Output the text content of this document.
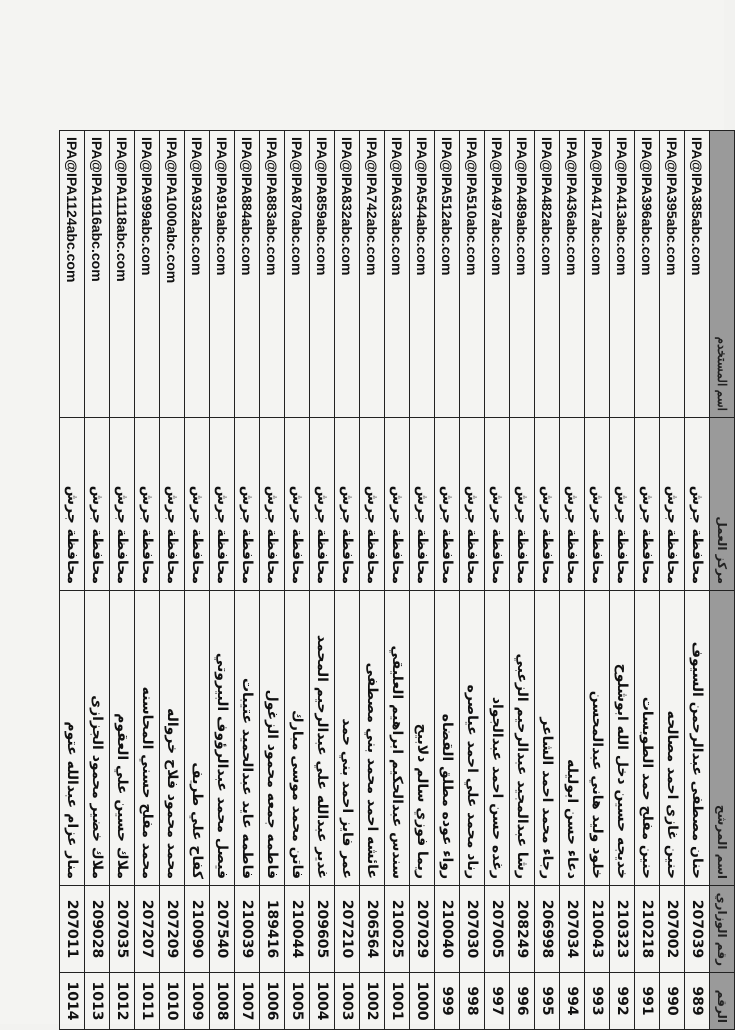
الرقم	رقم الوزاري	اسم المرشح	مركز العمل	اسم المستخدم
989	207039	حنان مصطفى عبدالرحمن السيوف	محافظة جرش	IPA@IPA385abc.com
990	207002	حنين غازى احمد مصالحه	محافظة جرش	IPA@IPA395abc.com
991	210218	حنين مفلح حمد الطويسات	محافظة جرش	IPA@IPA396abc.com
992	210323	خديجه حسين دخل الله ابوشلوح	محافظة جرش	IPA@IPA413abc.com
993	210043	خلود وليد هاني عبدالمحسن	محافظة جرش	IPA@IPA417abc.com
994	207034	دعاء حسن ابوليله	محافظة جرش	IPA@IPA436abc.com
995	206998	رجاء محمد احمد الشاعر	محافظة جرش	IPA@IPA482abc.com
996	208249	رشا عبدالمجيد عبدالرحيم الزعبي	محافظة جرش	IPA@IPA489abc.com
997	207005	رغده حسن احمد عبدالجواد	محافظة جرش	IPA@IPA497abc.com
998	207030	رناد محمد علي احمد عياصره	محافظة جرش	IPA@IPA510abc.com
999	210040	رواء عوده مطلق القضاه	محافظة جرش	IPA@IPA512abc.com
1000	207029	ريما فوزي سالم دلابيح	محافظة جرش	IPA@IPA544abc.com
1001	210025	سندس عبدالحكيم ابراهيم العليقي	محافظة جرش	IPA@IPA633abc.com
1002	206564	عائشه احمد محمد بني مصطفى	محافظة جرش	IPA@IPA742abc.com
1003	207210	عمر فايز احمد بني حمد	محافظة جرش	IPA@IPA832abc.com
1004	209605	غدير عبدالله علي عبدالرحيم المحمد	محافظة جرش	IPA@IPA859abc.com
1005	210044	فاتن محمد موسى مبارك	محافظة جرش	IPA@IPA870abc.com
1006	189416	فاطمه جمعه محمود الزغول	محافظة جرش	IPA@IPA883abc.com
1007	210039	فاطمه عايد عبدالحميد عتيبات	محافظة جرش	IPA@IPA884abc.com
1008	207540	فيصل محمد عبدالرؤوف البيروتي	محافظة جرش	IPA@IPA919abc.com
1009	210090	كفاح علي طريف	محافظة جرش	IPA@IPA932abc.com
1010	207209	محمد محمود فلاح خرواله	محافظة جرش	IPA@IPA1000abc.com
1011	207207	محمد مفلح حسني المحاسنه	محافظة جرش	IPA@IPA999abc.com
1012	207035	ملاك حسين علي العقوم	محافظة جرش	IPA@IPA1118abc.com
1013	209028	ملاك خضير محمود الجزازى	محافظة جرش	IPA@IPA1116abc.com
1014	207011	منار عزام عبدالله عتوم	محافظة جرش	IPA@IPA1124abc.com
